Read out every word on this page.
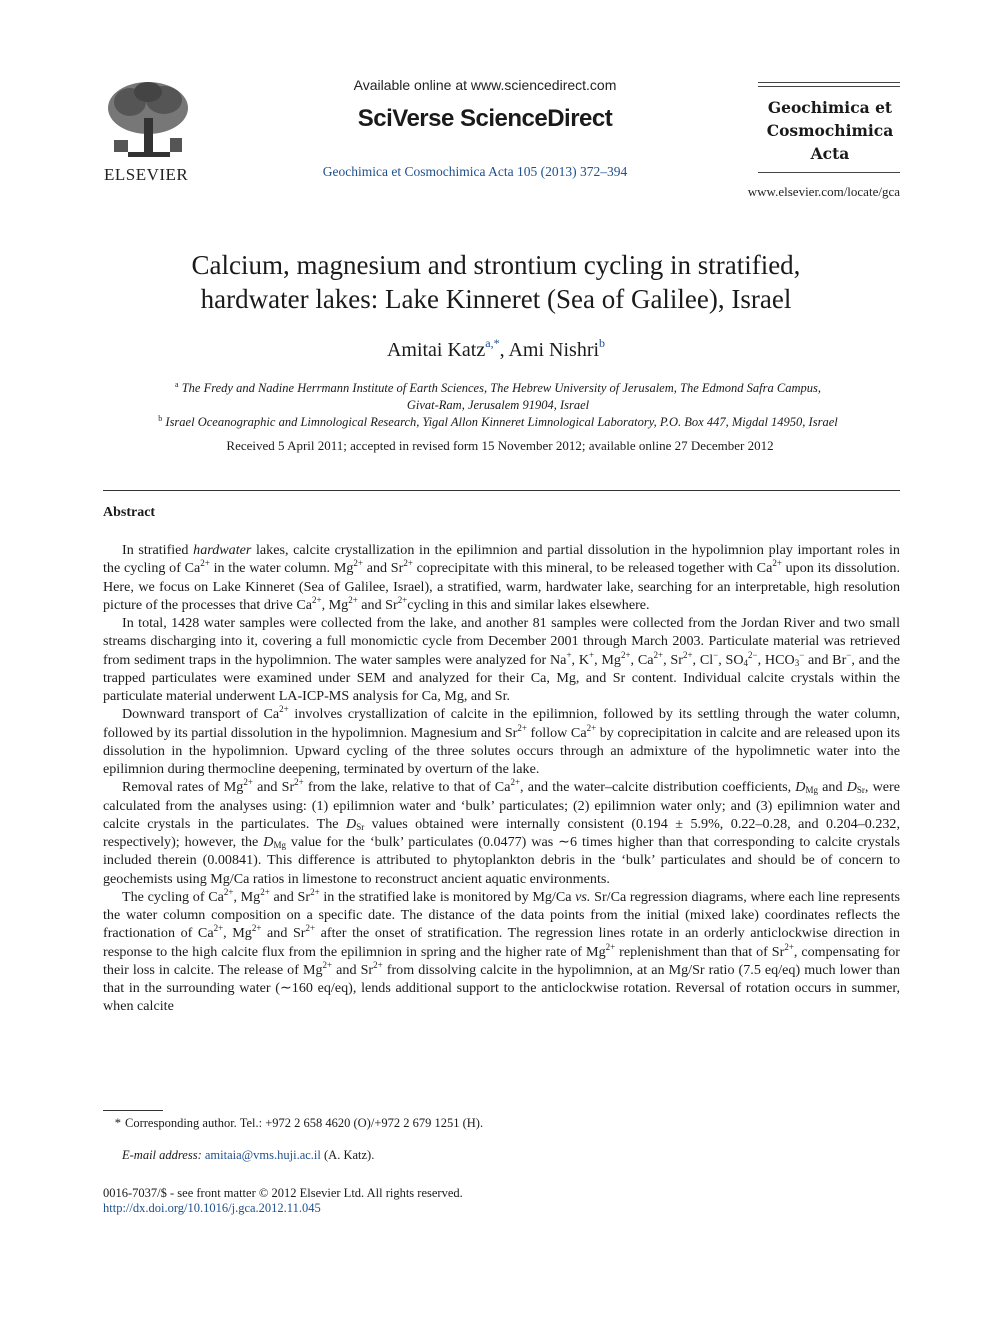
ELSEVIER
Available online at www.sciencedirect.com
SciVerse ScienceDirect
Geochimica et Cosmochimica Acta 105 (2013) 372–394
Geochimica et
Cosmochimica
Acta
www.elsevier.com/locate/gca
Calcium, magnesium and strontium cycling in stratified,
hardwater lakes: Lake Kinneret (Sea of Galilee), Israel
Amitai Katz$^{a,*}$, Ami Nishri$^b$
$^a$ The Fredy and Nadine Herrmann Institute of Earth Sciences, The Hebrew University of Jerusalem, The Edmond Safra Campus,
Givat-Ram, Jerusalem 91904, Israel
$^b$ Israel Oceanographic and Limnological Research, Yigal Allon Kinneret Limnological Laboratory, P.O. Box 447, Migdal 14950, Israel
Received 5 April 2011; accepted in revised form 15 November 2012; available online 27 December 2012
Abstract

In stratified hardwater lakes, calcite crystallization in the epilimnion and partial dissolution in the hypolimnion play important roles in the cycling of $Ca^{2+}$ in the water column. $Mg^{2+}$ and $Sr^{2+}$ coprecipitate with this mineral, to be released together with $Ca^{2+}$ upon its dissolution. Here, we focus on Lake Kinneret (Sea of Galilee, Israel), a stratified, warm, hardwater lake, searching for an interpretable, high resolution picture of the processes that drive $Ca^{2+}$, $Mg^{2+}$ and $Sr^{2+}cycling$ in this and similar lakes elsewhere.

In total, 1428 water samples were collected from the lake, and another 81 samples were collected from the Jordan River and two small streams discharging into it, covering a full monomictic cycle from December 2001 through March 2003. Particulate material was retrieved from sediment traps in the hypolimnion. The water samples were analyzed for Na+, K+, $Mg^{2+}$, $Ca^{2+}$, $Sr^{2+}$, Cl−, $SO_4^{2-}$, $HCO_3^-$ and Br−, and the trapped particulates were examined under SEM and analyzed for their Ca, Mg, and Sr content. Individual calcite crystals within the particulate material underwent LA-ICP-MS analysis for Ca, Mg, and Sr.

Downward transport of $Ca^{2+}$ involves crystallization of calcite in the epilimnion, followed by its settling through the water column, followed by its partial dissolution in the hypolimnion. Magnesium and $Sr^{2+}$ follow $Ca^{2+}$ by coprecipitation in calcite and are released upon its dissolution in the hypolimnion. Upward cycling of the three solutes occurs through an admixture of the hypolimnetic water into the epilimnion during thermocline deepening, terminated by overturn of the lake.

Removal rates of $Mg^{2+}$ and $Sr^{2+}$ from the lake, relative to that of $Ca^{2+}$, and the water–calcite distribution coefficients, $D_{Mg}$ and $D_{Sr}$, were calculated from the analyses using: (1) epilimnion water and ‘bulk’ particulates; (2) epilimnion water only; and (3) epilimnion water and calcite crystals in the particulates. The $D_{Sr}$ values obtained were internally consistent (0.194 ± 5.9%, 0.22–0.28, and 0.204–0.232, respectively); however, the $D_{Mg}$ value for the ‘bulk’ particulates (0.0477) was ∼6 times higher than that corresponding to calcite crystals included therein (0.00841). This difference is attributed to phytoplankton debris in the ‘bulk’ particulates and should be of concern to geochemists using Mg/Ca ratios in limestone to reconstruct ancient aquatic environments.

The cycling of $Ca^{2+}$, $Mg^{2+}$ and $Sr^{2+}$ in the stratified lake is monitored by Mg/Ca vs. Sr/Ca regression diagrams, where each line represents the water column composition on a specific date. The distance of the data points from the initial (mixed lake) coordinates reflects the fractionation of $Ca^{2+}$, $Mg^{2+}$ and $Sr^{2+}$ after the onset of stratification. The regression lines rotate in an orderly anticlockwise direction in response to the high calcite flux from the epilimnion in spring and the higher rate of $Mg^{2+}$ replenishment than that of $Sr^{2+}$, compensating for their loss in calcite. The release of $Mg^{2+}$ and $Sr^{2+}$ from dissolving calcite in the hypolimnion, at an Mg/Sr ratio (7.5 eq/eq) much lower than that in the surrounding water (∼160 eq/eq), lends additional support to the anticlockwise rotation. Reversal of rotation occurs in summer, when calcite

* Corresponding author. Tel.: +972 2 658 4620 (O)/+972 2 679 1251 (H).
E-mail address: amitaia@vms.huji.ac.il (A. Katz).
0016-7037/$ - see front matter © 2012 Elsevier Ltd. All rights reserved.
http://dx.doi.org/10.1016/j.gca.2012.11.045
